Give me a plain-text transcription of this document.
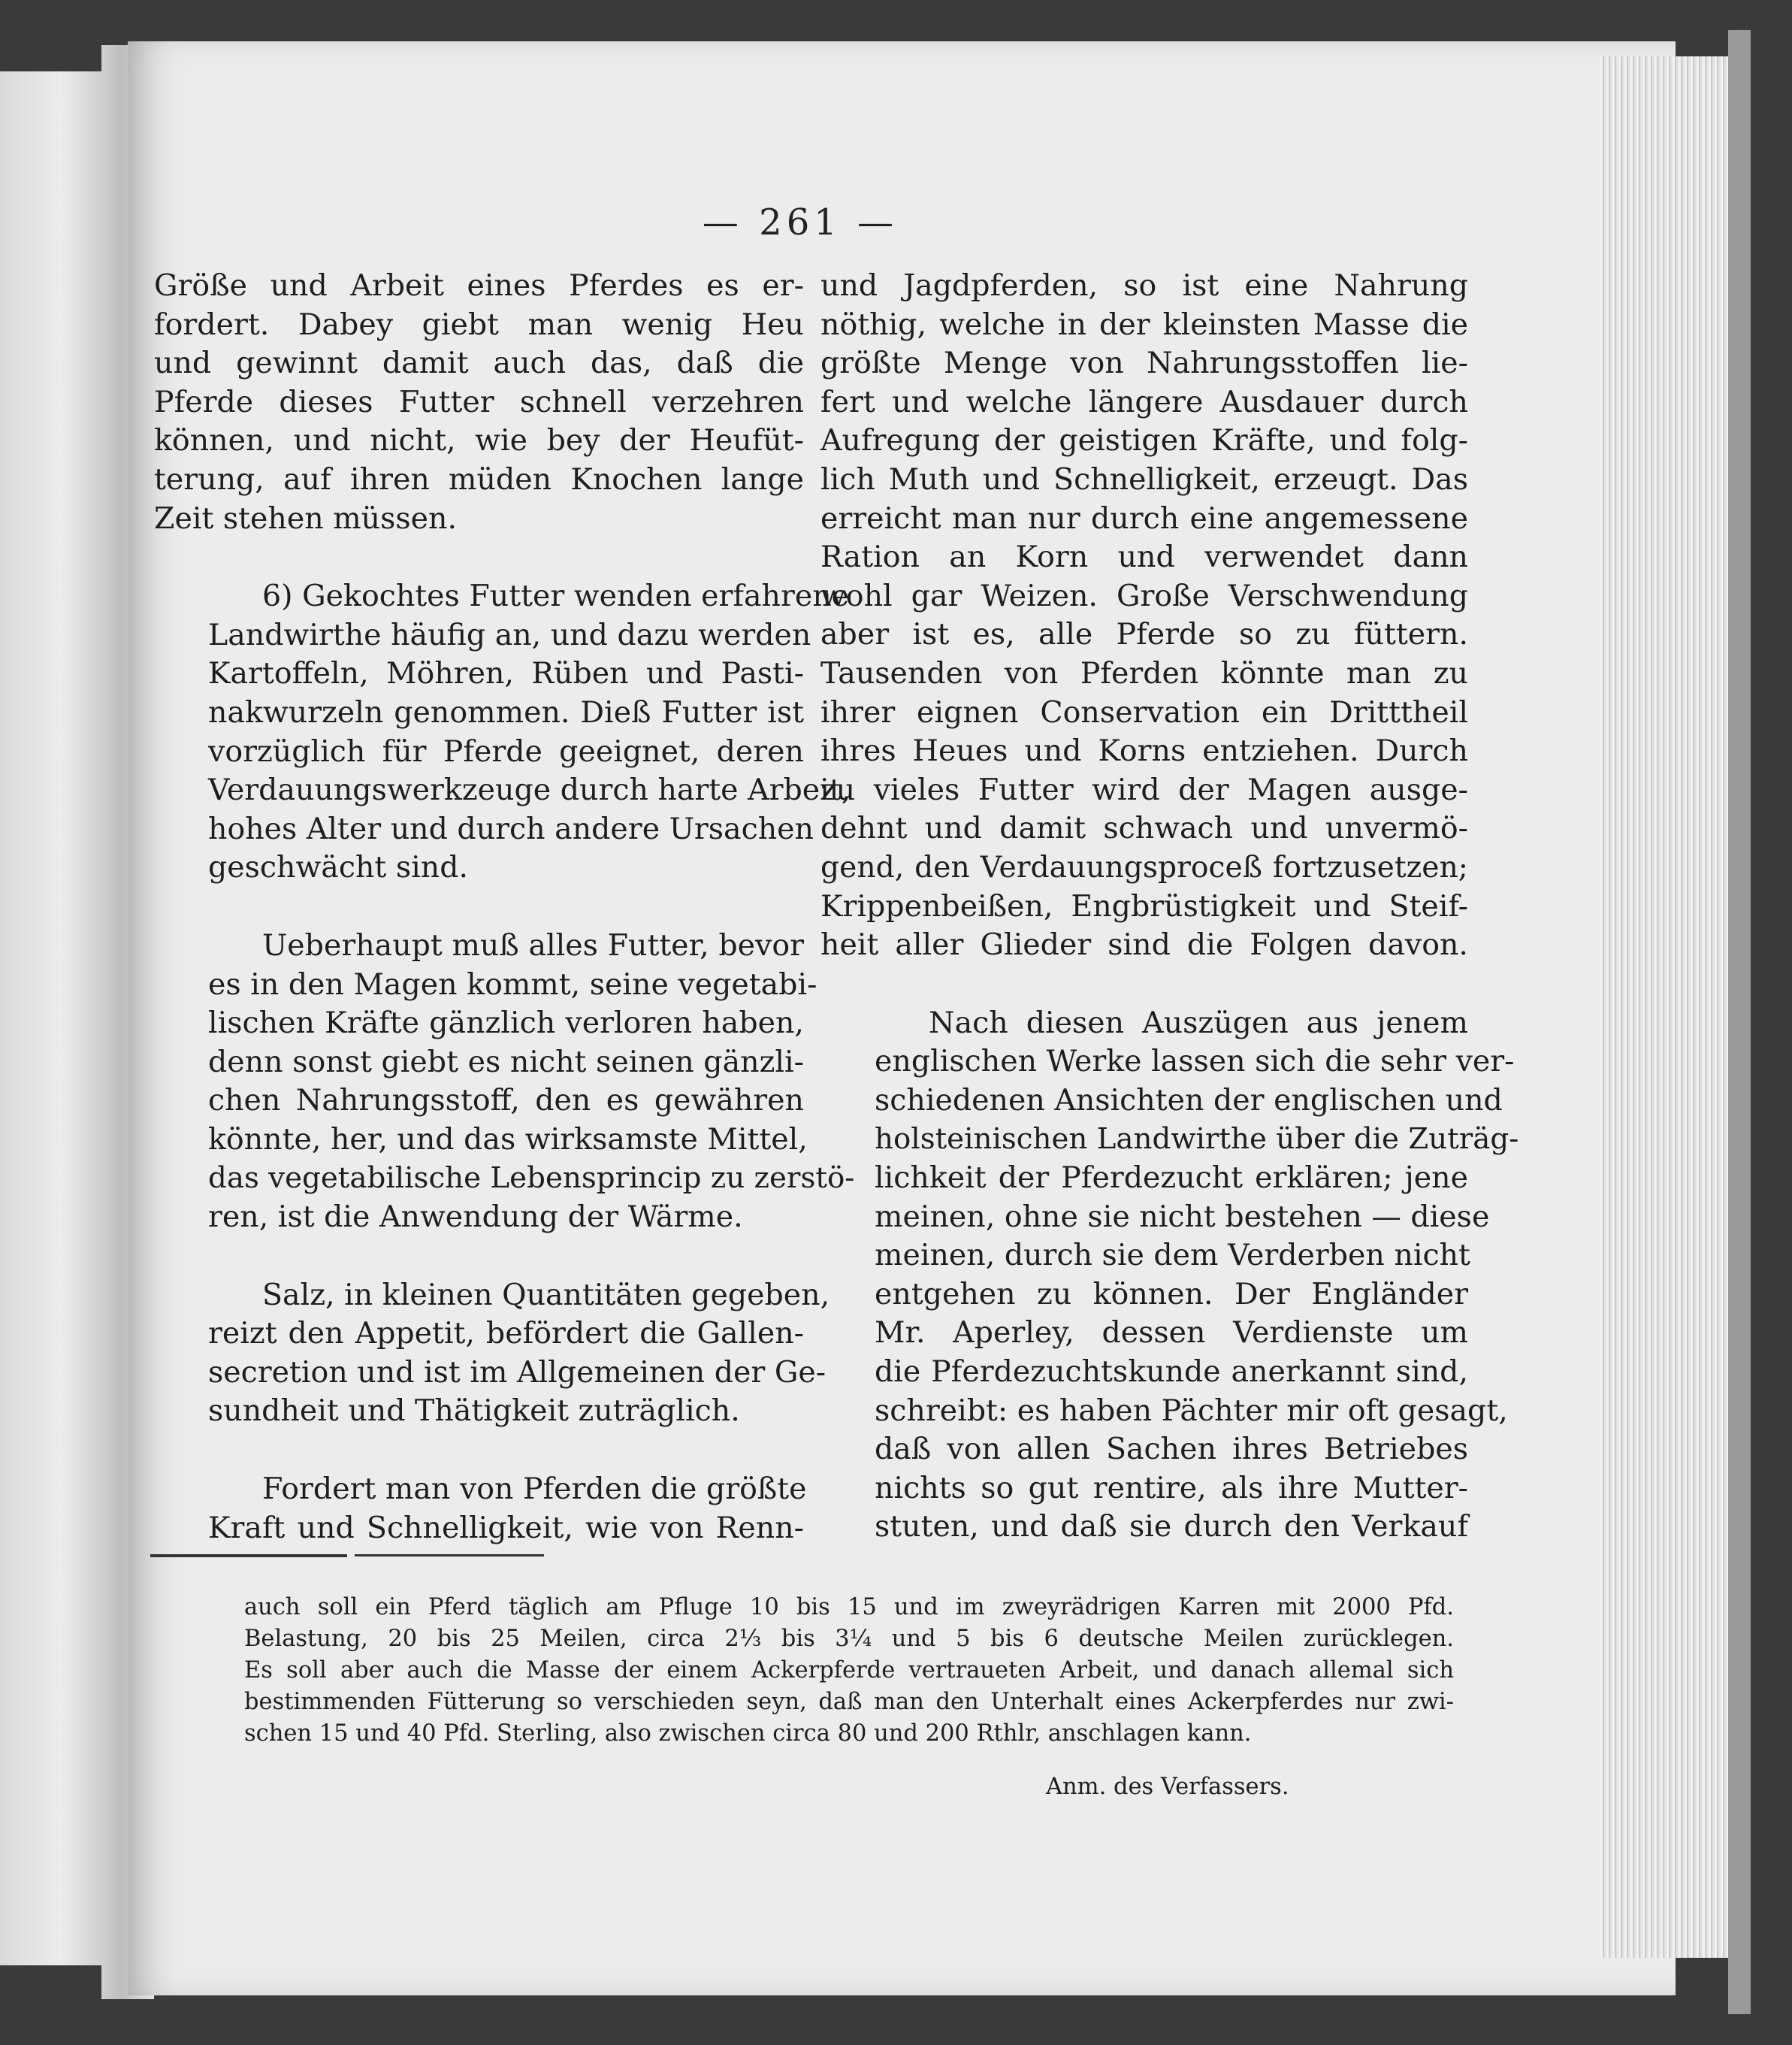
— 261 —
Größe und Arbeit eines Pferdes es er-
fordert. Dabey giebt man wenig Heu
und gewinnt damit auch das, daß die
Pferde dieses Futter schnell verzehren
können, und nicht, wie bey der Heufüt-
terung, auf ihren müden Knochen lange
Zeit stehen müssen.
6) Gekochtes Futter wenden erfahrene
Landwirthe häufig an, und dazu werden
Kartoffeln, Möhren, Rüben und Pasti-
nakwurzeln genommen. Dieß Futter ist
vorzüglich für Pferde geeignet, deren
Verdauungswerkzeuge durch harte Arbeit,
hohes Alter und durch andere Ursachen
geschwächt sind.
Ueberhaupt muß alles Futter, bevor
es in den Magen kommt, seine vegetabi-
lischen Kräfte gänzlich verloren haben,
denn sonst giebt es nicht seinen gänzli-
chen Nahrungsstoff, den es gewähren
könnte, her, und das wirksamste Mittel,
das vegetabilische Lebensprincip zu zerstö-
ren, ist die Anwendung der Wärme.
Salz, in kleinen Quantitäten gegeben,
reizt den Appetit, befördert die Gallen-
secretion und ist im Allgemeinen der Ge-
sundheit und Thätigkeit zuträglich.
Fordert man von Pferden die größte
Kraft und Schnelligkeit, wie von Renn-
und Jagdpferden, so ist eine Nahrung
nöthig, welche in der kleinsten Masse die
größte Menge von Nahrungsstoffen lie-
fert und welche längere Ausdauer durch
Aufregung der geistigen Kräfte, und folg-
lich Muth und Schnelligkeit, erzeugt. Das
erreicht man nur durch eine angemessene
Ration an Korn und verwendet dann
wohl gar Weizen. Große Verschwendung
aber ist es, alle Pferde so zu füttern.
Tausenden von Pferden könnte man zu
ihrer eignen Conservation ein Dritttheil
ihres Heues und Korns entziehen. Durch
zu vieles Futter wird der Magen ausge-
dehnt und damit schwach und unvermö-
gend, den Verdauungsproceß fortzusetzen;
Krippenbeißen, Engbrüstigkeit und Steif-
heit aller Glieder sind die Folgen davon.
Nach diesen Auszügen aus jenem
englischen Werke lassen sich die sehr ver-
schiedenen Ansichten der englischen und
holsteinischen Landwirthe über die Zuträg-
lichkeit der Pferdezucht erklären; jene
meinen, ohne sie nicht bestehen — diese
meinen, durch sie dem Verderben nicht
entgehen zu können. Der Engländer
Mr. Aperley, dessen Verdienste um
die Pferdezuchtskunde anerkannt sind,
schreibt: es haben Pächter mir oft gesagt,
daß von allen Sachen ihres Betriebes
nichts so gut rentire, als ihre Mutter-
stuten, und daß sie durch den Verkauf
auch soll ein Pferd täglich am Pfluge 10 bis 15 und im zweyrädrigen Karren mit 2000 Pfd.
Belastung, 20 bis 25 Meilen, circa 2⅓ bis 3¼ und 5 bis 6 deutsche Meilen zurücklegen.
Es soll aber auch die Masse der einem Ackerpferde vertraueten Arbeit, und danach allemal sich
bestimmenden Fütterung so verschieden seyn, daß man den Unterhalt eines Ackerpferdes nur zwi-
schen 15 und 40 Pfd. Sterling, also zwischen circa 80 und 200 Rthlr, anschlagen kann.
Anm. des Verfassers.
